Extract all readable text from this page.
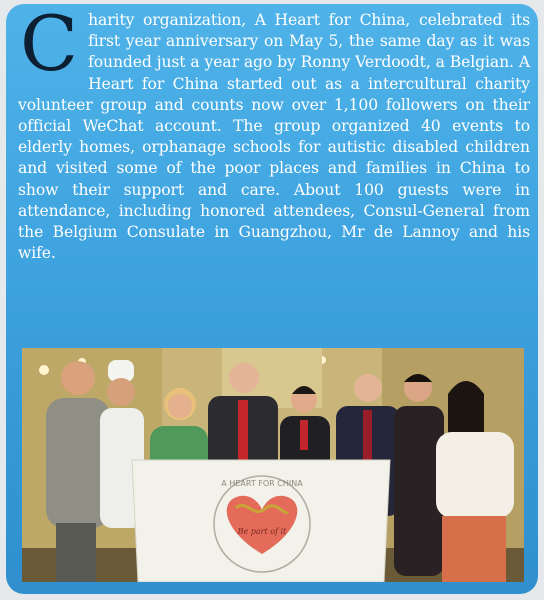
Charity organization, A Heart for China, celebrated its first year anniversary on May 5, the same day as it was founded just a year ago by Ronny Verdoodt, a Belgian. A Heart for China started out as a intercultural charity volunteer group and counts now over 1,100 followers on their official WeChat account. The group organized 40 events to elderly homes, orphanage schools for autistic disabled children and visited some of the poor places and families in China to show their support and care. About 100 guests were in attendance, including honored attendees, Consul-General from the Belgium Consulate in Guangzhou, Mr de Lannoy and his wife.
A HEART FOR CHINA
Be part of it
